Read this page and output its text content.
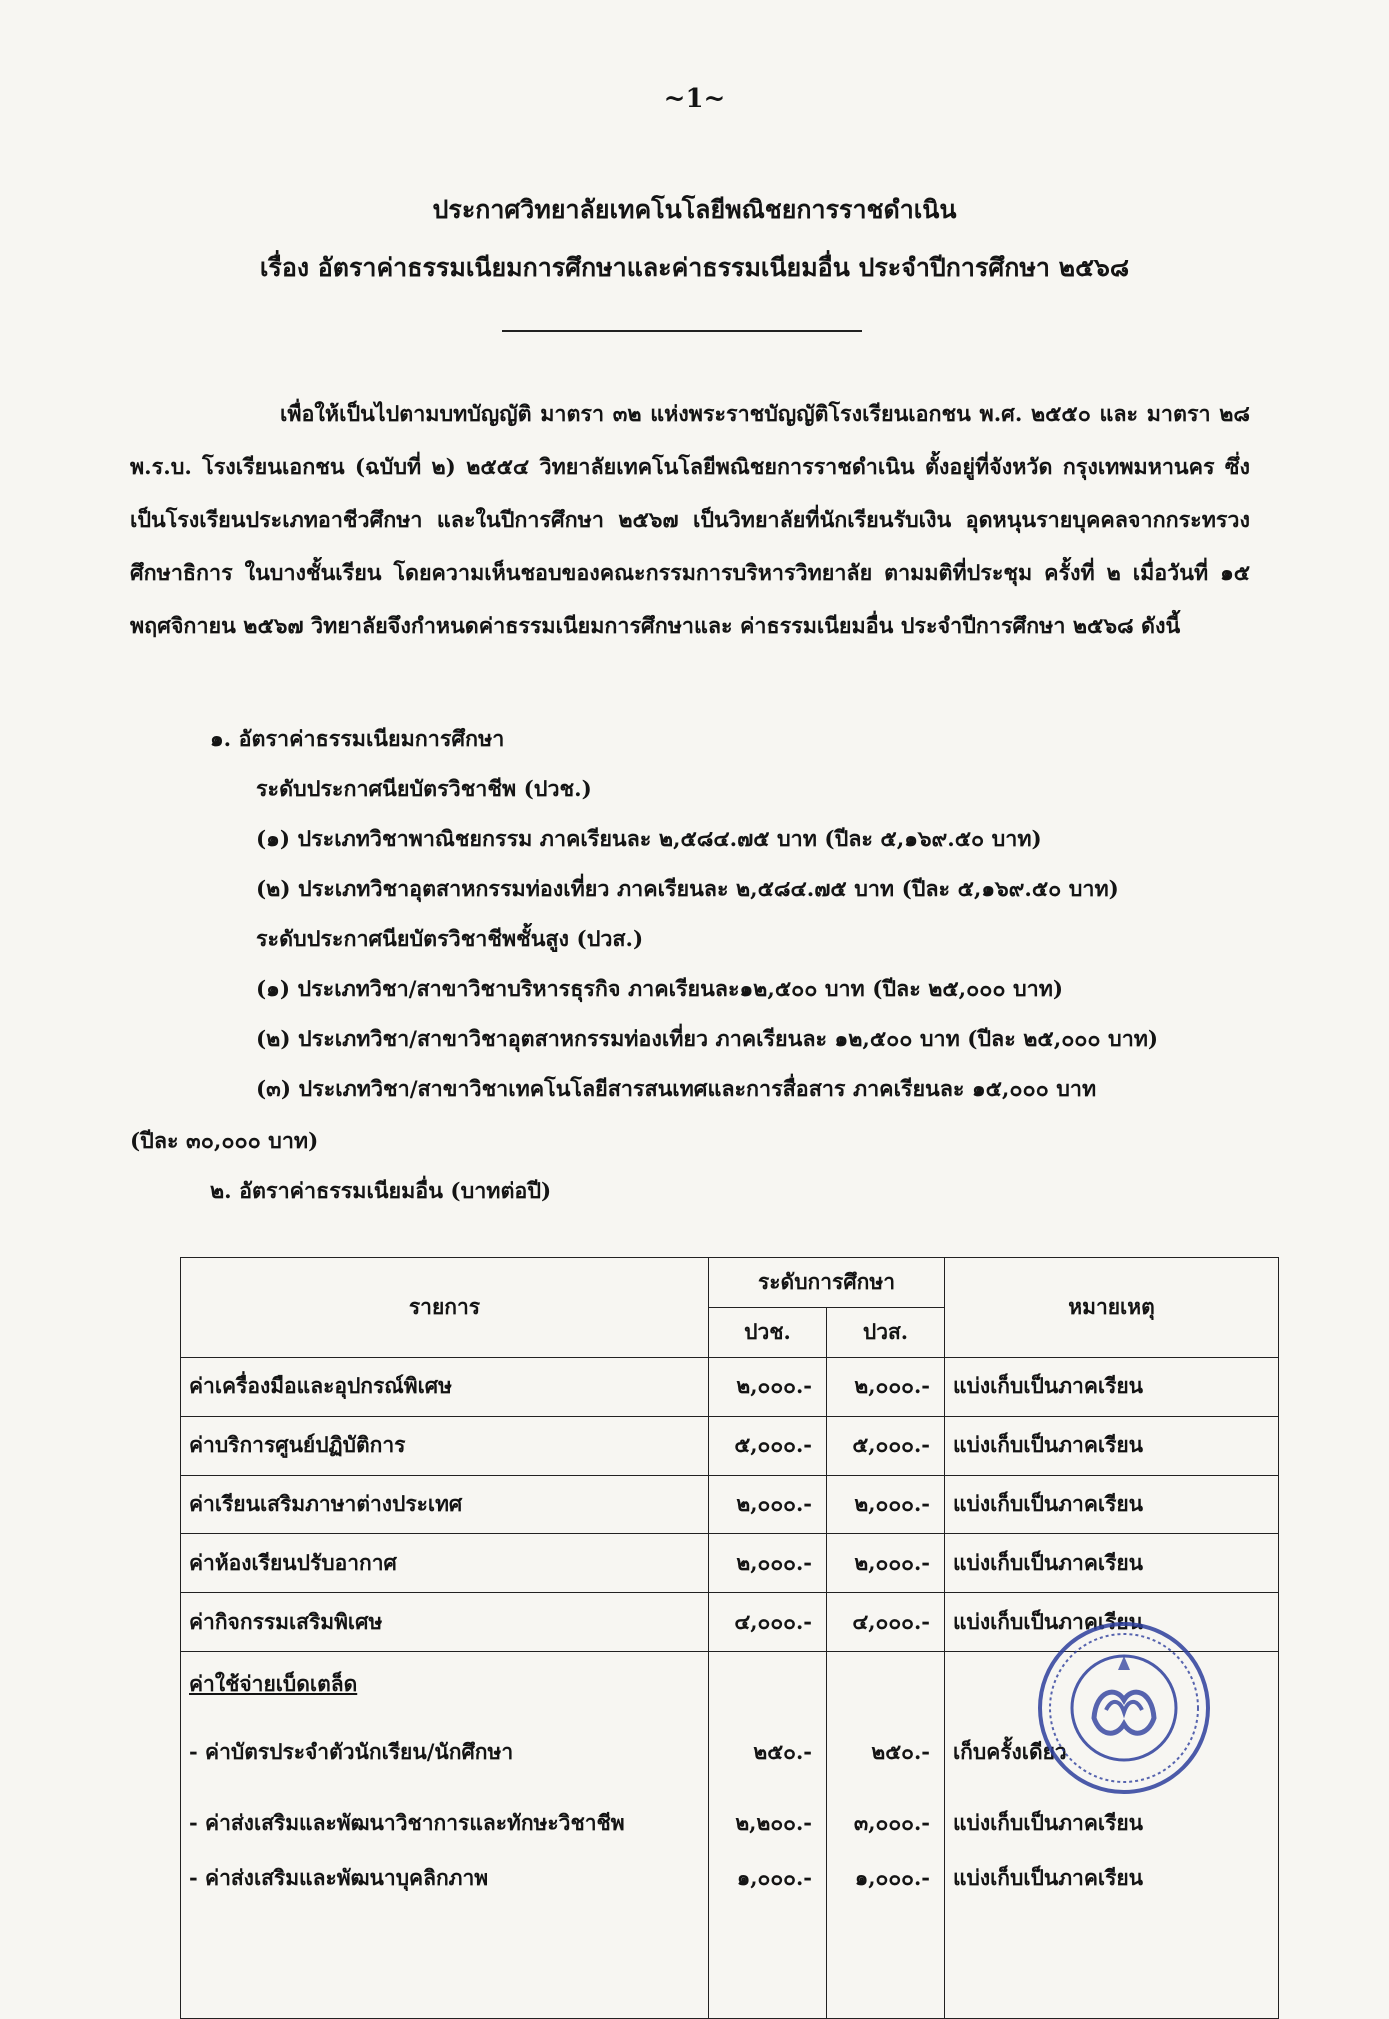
~1~
ประกาศวิทยาลัยเทคโนโลยีพณิชยการราชดำเนิน
เรื่อง อัตราค่าธรรมเนียมการศึกษาและค่าธรรมเนียมอื่น ประจำปีการศึกษา ๒๕๖๘
เพื่อให้เป็นไปตามบทบัญญัติ มาตรา ๓๒ แห่งพระราชบัญญัติโรงเรียนเอกชน พ.ศ. ๒๕๕๐ และ มาตรา ๒๘ พ.ร.บ. โรงเรียนเอกชน (ฉบับที่ ๒) ๒๕๕๔ วิทยาลัยเทคโนโลยีพณิชยการราชดำเนิน ตั้งอยู่ที่จังหวัด กรุงเทพมหานคร ซึ่งเป็นโรงเรียนประเภทอาชีวศึกษา และในปีการศึกษา ๒๕๖๗ เป็นวิทยาลัยที่นักเรียนรับเงิน อุดหนุนรายบุคคลจากกระทรวงศึกษาธิการ ในบางชั้นเรียน โดยความเห็นชอบของคณะกรรมการบริหารวิทยาลัย ตามมติที่ประชุม ครั้งที่ ๒ เมื่อวันที่ ๑๕ พฤศจิกายน ๒๕๖๗ วิทยาลัยจึงกำหนดค่าธรรมเนียมการศึกษาและ ค่าธรรมเนียมอื่น ประจำปีการศึกษา ๒๕๖๘ ดังนี้
๑. อัตราค่าธรรมเนียมการศึกษา
ระดับประกาศนียบัตรวิชาชีพ (ปวช.)
(๑) ประเภทวิชาพาณิชยกรรม ภาคเรียนละ ๒,๕๘๔.๗๕ บาท (ปีละ ๕,๑๖๙.๕๐ บาท)
(๒) ประเภทวิชาอุตสาหกรรมท่องเที่ยว ภาคเรียนละ ๒,๕๘๔.๗๕ บาท (ปีละ ๕,๑๖๙.๕๐ บาท)
ระดับประกาศนียบัตรวิชาชีพชั้นสูง (ปวส.)
(๑) ประเภทวิชา/สาขาวิชาบริหารธุรกิจ ภาคเรียนละ๑๒,๕๐๐ บาท (ปีละ ๒๕,๐๐๐ บาท)
(๒) ประเภทวิชา/สาขาวิชาอุตสาหกรรมท่องเที่ยว ภาคเรียนละ ๑๒,๕๐๐ บาท (ปีละ ๒๕,๐๐๐ บาท)
(๓) ประเภทวิชา/สาขาวิชาเทคโนโลยีสารสนเทศและการสื่อสาร ภาคเรียนละ ๑๕,๐๐๐ บาท
(ปีละ ๓๐,๐๐๐ บาท)
๒. อัตราค่าธรรมเนียมอื่น (บาทต่อปี)
รายการ	ระดับการศึกษา		หมายเหตุ
	ปวช.	ปวส.	
ค่าเครื่องมือและอุปกรณ์พิเศษ	๒,๐๐๐.-	๒,๐๐๐.-	แบ่งเก็บเป็นภาคเรียน
ค่าบริการศูนย์ปฏิบัติการ	๕,๐๐๐.-	๕,๐๐๐.-	แบ่งเก็บเป็นภาคเรียน
ค่าเรียนเสริมภาษาต่างประเทศ	๒,๐๐๐.-	๒,๐๐๐.-	แบ่งเก็บเป็นภาคเรียน
ค่าห้องเรียนปรับอากาศ	๒,๐๐๐.-	๒,๐๐๐.-	แบ่งเก็บเป็นภาคเรียน
ค่ากิจกรรมเสริมพิเศษ	๔,๐๐๐.-	๔,๐๐๐.-	แบ่งเก็บเป็นภาคเรียน
ค่าใช้จ่ายเบ็ดเตล็ด			
- ค่าบัตรประจำตัวนักเรียน/นักศึกษา	๒๕๐.-	๒๕๐.-	เก็บครั้งเดียว
- ค่าส่งเสริมและพัฒนาวิชาการและทักษะวิชาชีพ	๒,๒๐๐.-	๓,๐๐๐.-	แบ่งเก็บเป็นภาคเรียน
- ค่าส่งเสริมและพัฒนาบุคลิกภาพ	๑,๐๐๐.-	๑,๐๐๐.-	แบ่งเก็บเป็นภาคเรียน
